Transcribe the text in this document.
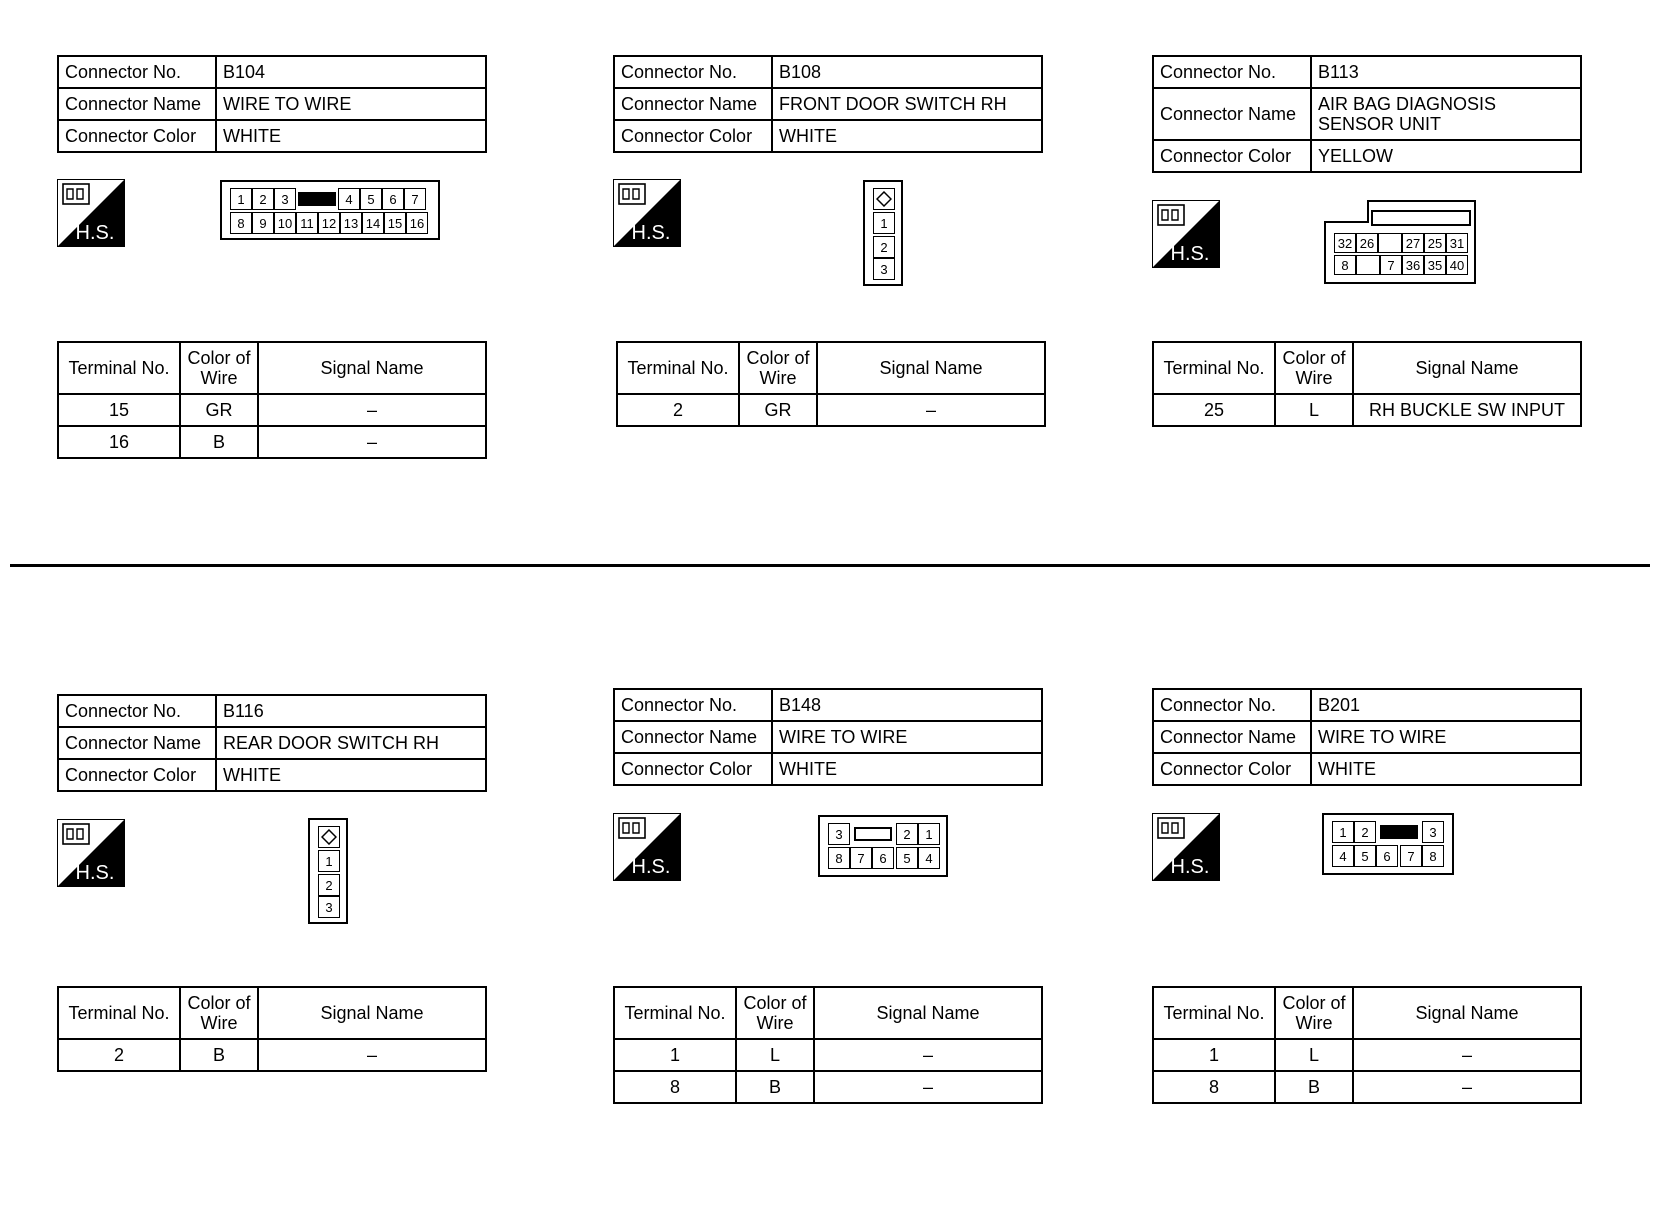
Connector No.	B104
Connector Name	WIRE TO WIRE
Connector Color	WHITE
H.S.
1	2	3	4	5	6	7
8	9 10 11 12 13 14 15 16
Terminal No.	Color of Wire	Signal Name
15	GR	–
16	B	–
Connector No.	B108
Connector Name	FRONT DOOR SWITCH RH
Connector Color	WHITE
H.S.	1
2
3
Terminal No.	Color of Wire	Signal Name
2	GR	–
Connector No.	B113
Connector Name	AIR BAG DIAGNOSIS SENSOR UNIT
Connector Color	YELLOW
H.S.	32 26 27 25 31
8	7 36 35 40
Terminal No.	Color of Wire	Signal Name
25	L	RH BUCKLE SW INPUT
Connector No.	B116
Connector Name	REAR DOOR SWITCH RH
Connector Color	WHITE
H.S.
1
2
3
Terminal No.	Color of Wire	Signal Name
2	B	–
Connector No.	B148
Connector Name	WIRE TO WIRE
Connector Color	WHITE
H.S.
3	2	1
8	7	6	5	4
Terminal No.	Color of Wire	Signal Name
1	L	–
8	B	–
Connector No.	B201
Connector Name	WIRE TO WIRE
Connector Color	WHITE
H.S.
1	2	3
4	5	6	7	8
Terminal No.	Color of Wire	Signal Name
1	L	–
8	B	–
